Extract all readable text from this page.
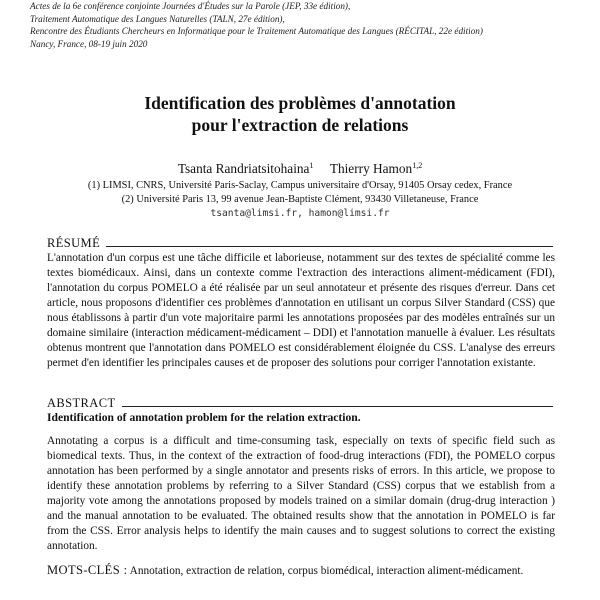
Actes de la 6e conférence conjointe Journées d'Études sur la Parole (JEP, 33e édition),
Traitement Automatique des Langues Naturelles (TALN, 27e édition),
Rencontre des Étudiants Chercheurs en Informatique pour le Traitement Automatique des Langues (RÉCITAL, 22e édition)
Nancy, France, 08-19 juin 2020
Identification des problèmes d'annotation
pour l'extraction de relations
Tsanta Randriatsitohaina$^1$ Thierry Hamon$^{1,2}$
(1) LIMSI, CNRS, Université Paris-Saclay, Campus universitaire d'Orsay, 91405 Orsay cedex, France
(2) Université Paris 13, 99 avenue Jean-Baptiste Clément, 93430 Villetaneuse, France
tsanta@limsi.fr, hamon@limsi.fr
RÉSUMÉ
L'annotation d'un corpus est une tâche difficile et laborieuse, notamment sur des textes de spécialité comme les textes biomédicaux. Ainsi, dans un contexte comme l'extraction des interactions aliment-médicament (FDI), l'annotation du corpus POMELO a été réalisée par un seul annotateur et présente des risques d'erreur. Dans cet article, nous proposons d'identifier ces problèmes d'annotation en utilisant un corpus Silver Standard (CSS) que nous établissons à partir d'un vote majoritaire parmi les annotations proposées par des modèles entraînés sur un domaine similaire (interaction médicament-médicament – DDI) et l'annotation manuelle à évaluer. Les résultats obtenus montrent que l'annotation dans POMELO est considérablement éloignée du CSS. L'analyse des erreurs permet d'en identifier les principales causes et de proposer des solutions pour corriger l'annotation existante.
ABSTRACT
Identification of annotation problem for the relation extraction.
Annotating a corpus is a difficult and time-consuming task, especially on texts of specific field such as biomedical texts. Thus, in the context of the extraction of food-drug interactions (FDI), the POMELO corpus annotation has been performed by a single annotator and presents risks of errors. In this article, we propose to identify these annotation problems by referring to a Silver Standard (CSS) corpus that we establish from a majority vote among the annotations proposed by models trained on a similar domain (drug-drug interaction ) and the manual annotation to be evaluated. The obtained results show that the annotation in POMELO is far from the CSS. Error analysis helps to identify the main causes and to suggest solutions to correct the existing annotation.
MOTS-CLÉS : Annotation, extraction de relation, corpus biomédical, interaction aliment-médicament.
